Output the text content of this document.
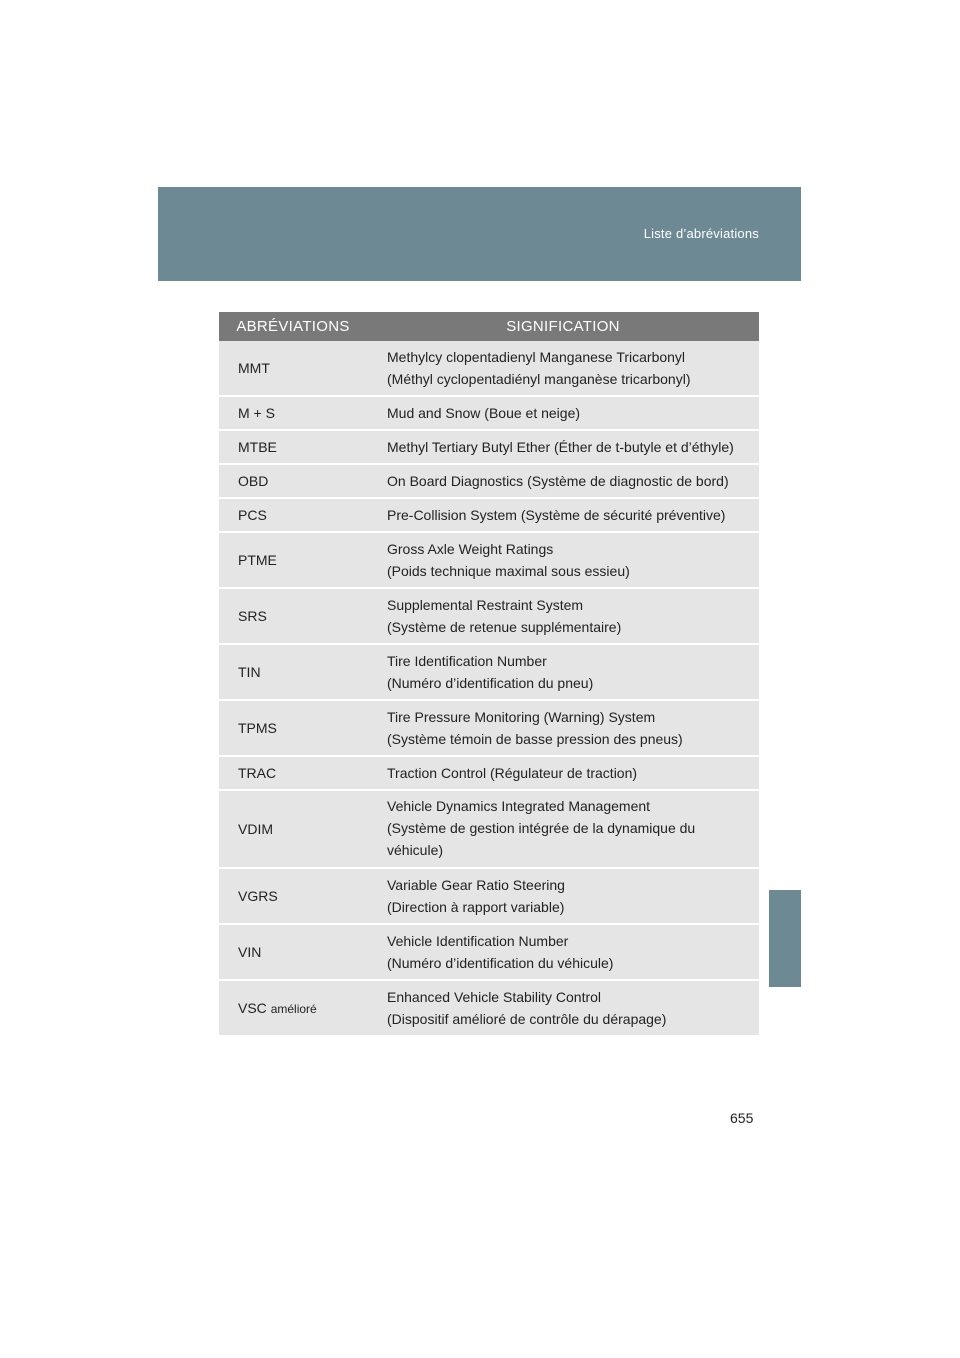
Liste d’abréviations
ABRÉVIATIONS	SIGNIFICATION
MMT	Methylcy clopentadienyl Manganese Tricarbonyl
(Méthyl cyclopentadiényl manganèse tricarbonyl)

M + S	Mud and Snow (Boue et neige)

MTBE	Methyl Tertiary Butyl Ether (Éther de t-butyle et d’éthyle)

OBD	On Board Diagnostics (Système de diagnostic de bord)

PCS	Pre-Collision System (Système de sécurité préventive)

PTME	Gross Axle Weight Ratings
(Poids technique maximal sous essieu)

SRS	Supplemental Restraint System
(Système de retenue supplémentaire)

TIN	Tire Identification Number
(Numéro d’identification du pneu)

TPMS	Tire Pressure Monitoring (Warning) System
(Système témoin de basse pression des pneus)

TRAC	Traction Control (Régulateur de traction)

VDIM	Vehicle Dynamics Integrated Management
(Système de gestion intégrée de la dynamique du
véhicule)

VGRS	Variable Gear Ratio Steering
(Direction à rapport variable)

VIN	Vehicle Identification Number
(Numéro d’identification du véhicule)

VSC amélioré	Enhanced Vehicle Stability Control
(Dispositif amélioré de contrôle du dérapage)
655
